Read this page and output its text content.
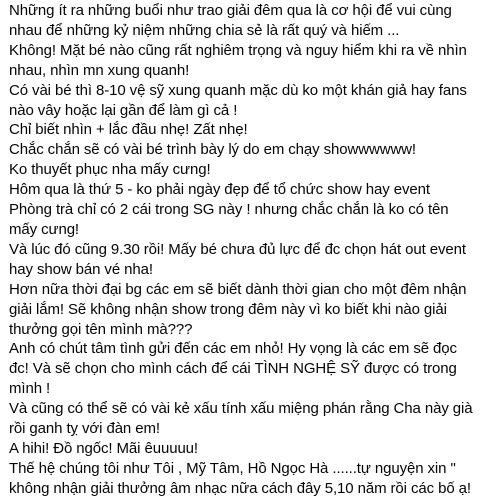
Những ít ra những buổi như trao giải đêm qua là cơ hội để vui cùng
nhau để những kỷ niệm những chia sẻ là rất quý và hiếm ...
Không! Mặt bé nào cũng rất nghiêm trọng và nguy hiểm khi ra về nhìn
nhau, nhìn mn xung quanh!
Có vài bé thì 8-10 vệ sỹ xung quanh mặc dù ko một khán giả hay fans
nào vây hoặc lại gần để làm gì cả !
Chỉ biết nhìn + lắc đầu nhẹ! Zất nhẹ!
Chắc chắn sẽ có vài bé trình bày lý do em chạy showwwwww!
Ko thuyết phục nha mấy cưng!
Hôm qua là thứ 5 - ko phải ngày đẹp để tổ chức show hay event
Phòng trà chỉ có 2 cái trong SG này ! nhưng chắc chắn là ko có tên
mấy cưng!
Và lúc đó cũng 9.30 rồi! Mấy bé chưa đủ lực để đc chọn hát out event
hay show bán vé nha!
Hơn nữa thời đại bg các em sẽ biết dành thời gian cho một đêm nhận
giải lắm! Sẽ không nhận show trong đêm này vì ko biết khi nào giải
thưởng gọi tên mình mà???
Anh có chút tâm tình gửi đến các em nhỏ! Hy vọng là các em sẽ đọc
đc! Và sẽ chọn cho mình cách để cái TÌNH NGHỆ SỸ được có trong
mình !
Và cũng có thể sẽ có vài kẻ xấu tính xấu miệng phán rằng Cha này già
rồi ganh tỵ với đàn em!
A hihi! Đồ ngốc! Mãi êuuuuu!
Thế hệ chúng tôi như Tôi , Mỹ Tâm, Hồ Ngọc Hà ......tự nguyện xin "
không nhận giải thưởng âm nhạc nữa cách đây 5,10 năm rồi các bố ạ!
